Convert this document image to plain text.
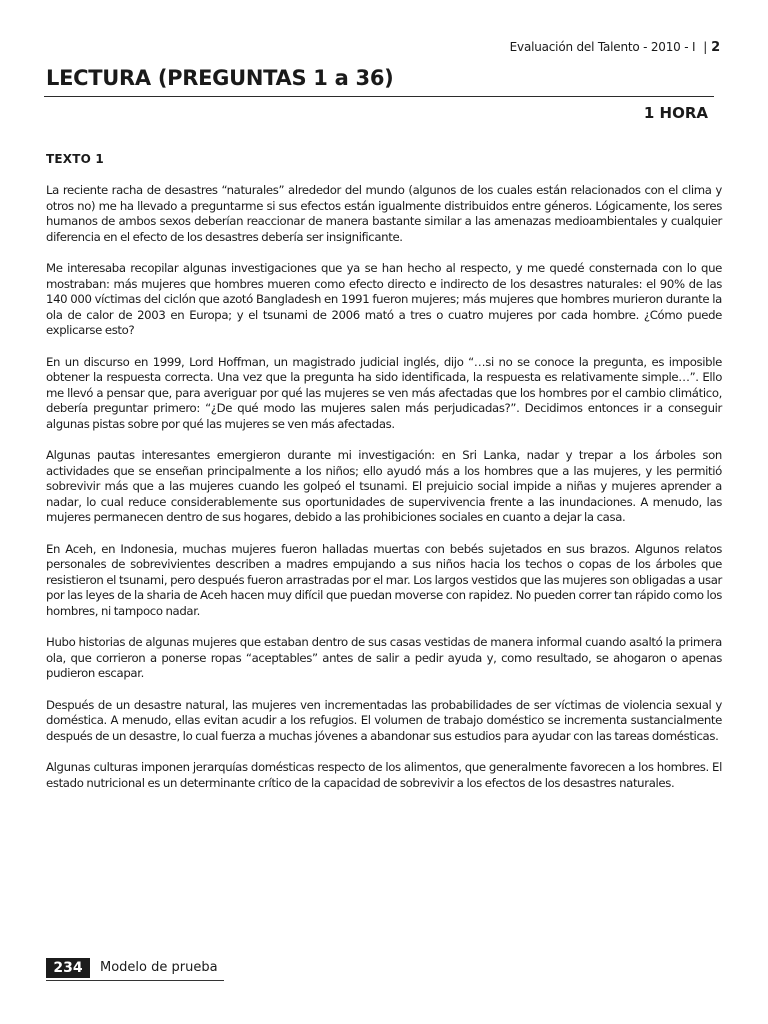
Evaluación del Talento - 2010 - I | 2
LECTURA (PREGUNTAS 1 a 36)
1 HORA
TEXTO 1

La reciente racha de desastres “naturales” alrededor del mundo (algunos de los cuales están relacionados con el clima y otros no) me ha llevado a preguntarme si sus efectos están igualmente distribuidos entre géneros. Lógicamente, los seres humanos de ambos sexos deberían reaccionar de manera bastante similar a las amenazas medioambientales y cualquier diferencia en el efecto de los desastres debería ser insignificante.

Me interesaba recopilar algunas investigaciones que ya se han hecho al respecto, y me quedé consternada con lo que mostraban: más mujeres que hombres mueren como efecto directo e indirecto de los desastres naturales: el 90% de las 140 000 víctimas del ciclón que azotó Bangladesh en 1991 fueron mujeres; más mujeres que hombres murieron durante la ola de calor de 2003 en Europa; y el tsunami de 2006 mató a tres o cuatro mujeres por cada hombre. ¿Cómo puede explicarse esto?

En un discurso en 1999, Lord Hoffman, un magistrado judicial inglés, dijo “…si no se conoce la pregunta, es imposible obtener la respuesta correcta. Una vez que la pregunta ha sido identificada, la respuesta es relativamente simple…”. Ello me llevó a pensar que, para averiguar por qué las mujeres se ven más afectadas que los hombres por el cambio climático, debería preguntar primero: “¿De qué modo las mujeres salen más perjudicadas?”. Decidimos entonces ir a conseguir algunas pistas sobre por qué las mujeres se ven más afectadas.

Algunas pautas interesantes emergieron durante mi investigación: en Sri Lanka, nadar y trepar a los árboles son actividades que se enseñan principalmente a los niños; ello ayudó más a los hombres que a las mujeres, y les permitió sobrevivir más que a las mujeres cuando les golpeó el tsunami. El prejuicio social impide a niñas y mujeres aprender a nadar, lo cual reduce considerablemente sus oportunidades de supervivencia frente a las inundaciones. A menudo, las mujeres permanecen dentro de sus hogares, debido a las prohibiciones sociales en cuanto a dejar la casa.

En Aceh, en Indonesia, muchas mujeres fueron halladas muertas con bebés sujetados en sus brazos. Algunos relatos personales de sobrevivientes describen a madres empujando a sus niños hacia los techos o copas de los árboles que resistieron el tsunami, pero después fueron arrastradas por el mar. Los largos vestidos que las mujeres son obligadas a usar por las leyes de la sharia de Aceh hacen muy difícil que puedan moverse con rapidez. No pueden correr tan rápido como los hombres, ni tampoco nadar.

Hubo historias de algunas mujeres que estaban dentro de sus casas vestidas de manera informal cuando asaltó la primera ola, que corrieron a ponerse ropas “aceptables” antes de salir a pedir ayuda y, como resultado, se ahogaron o apenas pudieron escapar.

Después de un desastre natural, las mujeres ven incrementadas las probabilidades de ser víctimas de violencia sexual y doméstica. A menudo, ellas evitan acudir a los refugios. El volumen de trabajo doméstico se incrementa sustancialmente después de un desastre, lo cual fuerza a muchas jóvenes a abandonar sus estudios para ayudar con las tareas domésticas.

Algunas culturas imponen jerarquías domésticas respecto de los alimentos, que generalmente favorecen a los hombres. El estado nutricional es un determinante crítico de la capacidad de sobrevivir a los efectos de los desastres naturales.

234	Modelo de prueba
